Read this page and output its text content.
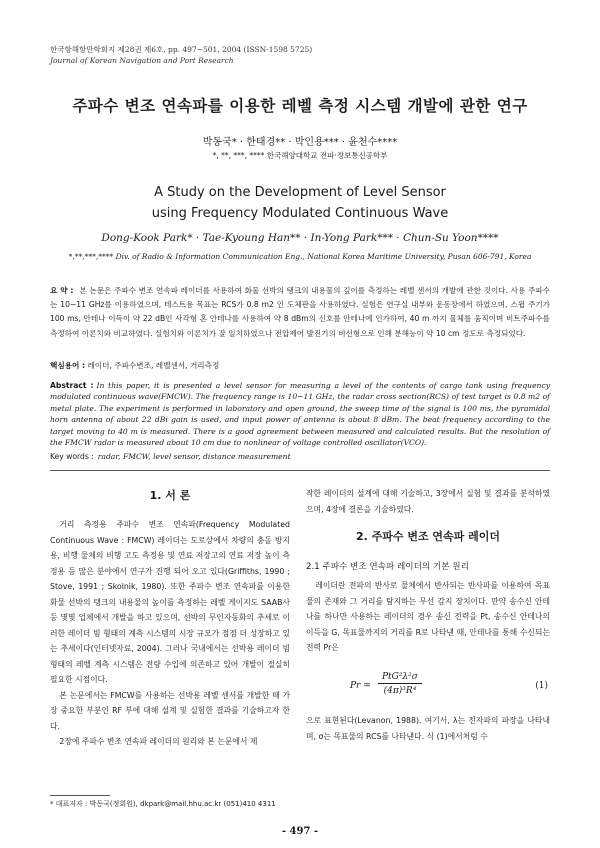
한국항해항만학회지 제28권 제6호, pp. 497~501, 2004 (ISSN-1598 5725)
Journal of Korean Navigation and Port Research
주파수 변조 연속파를 이용한 레벨 측정 시스템 개발에 관한 연구
박동국* · 한태경** · 박인용*** · 윤천수****
*, **, ***, **** 한국해양대학교 전파·정보통신공학부
A Study on the Development of Level Sensor
using Frequency Modulated Continuous Wave
Dong-Kook Park* · Tae-Kyoung Han** · In-Yong Park*** · Chun-Su Yoon****
*,**,***,**** Div. of Radio & Information Communication Eng., National Korea Maritime University, Pusan 606-791, Korea
요 약 : 본 논문은 주파수 변조 연속파 레이더를 사용하여 화물 선박의 탱크의 내용물의 깊이를 측정하는 레벨 센서의 개발에 관한 것이다. 사용 주파수는 10~11 GHz를 이용하였으며, 테스트용 목표는 RCS가 0.8 m2 인 도체판을 사용하였다. 실험은 연구실 내부와 운동장에서 하였으며, 스윕 주기가 100 ms, 안테나 이득이 약 22 dB인 사각형 혼 안테나를 사용하여 약 8 dBm의 신호를 안테나에 인가하여, 40 m 까지 물체를 움직이며 비트주파수를 측정하여 이론치와 비교하였다. 실험치와 이론치가 잘 일치하였으나 전압제어 발진기의 비선형으로 인해 분해능이 약 10 cm 정도로 측정되었다.
핵심용어 : 레이더, 주파수변조, 레벨센서, 거리측정
Abstract : In this paper, it is presented a level sensor for measuring a level of the contents of cargo tank using frequency modulated continuous wave(FMCW). The frequency range is 10~11 GHz, the radar cross section(RCS) of test target is 0.8 m2 of metal plate. The experiment is performed in laboratory and open ground, the sweep time of the signal is 100 ms, the pyramidal horn antenna of about 22 dBi gain is used, and input power of antenna is about 8 dBm. The beat frequency according to the target moving to 40 m is measured. There is a good agreement between measured and calculated results. But the resolution of the FMCW radar is measured about 10 cm due to nonlinear of voltage controlled oscillator(VCO).
Key words : radar, FMCW, level sensor, distance measurement
1. 서 론
거리 측정용 주파수 변조 연속파(Frequency Modulated Continuous Wave : FMCW) 레이더는 도로상에서 차량의 충돌 방지용, 비행 물체의 비행 고도 측정용 및 연료 저장고의 연료 저장 높이 측정용 등 많은 분야에서 연구가 진행 되어 오고 있다(Griffiths, 1990 ; Stove, 1991 ; Skolnik, 1980). 또한 주파수 변조 연속파를 이용한 화물 선박의 탱크의 내용물의 높이를 측정하는 레벨 게이지도 SAAB사 등 몇몇 업체에서 개발을 하고 있으며, 선박의 무인자동화의 추세로 이러한 레이더 빔 형태의 계측 시스템의 시장 규모가 점점 더 성장하고 있는 추세이다(인터넷자료, 2004). 그러나 국내에서는 선박용 레이더 빔 형태의 레벨 계측 시스템은 전량 수입에 의존하고 있어 개발이 절실히 필요한 시점이다.
본 논문에서는 FMCW를 사용하는 선박용 레벨 센서를 개발한 때 가장 중요한 부분인 RF 부에 대해 설계 및 실험한 결과를 기술하고자 한다.
2장에 주파수 변조 연속파 레이더의 원리와 본 논문에서 제
작한 레이더의 설계에 대해 기술하고, 3장에서 실험 및 결과를 분석하였으며, 4장에 결론을 기술하였다.
2. 주파수 변조 연속파 레이더
2.1 주파수 변조 연속파 레이더의 기본 원리
레이더란 전파의 반사로 물체에서 반사되는 반사파를 이용하여 목표물의 존재와 그 거리를 탐지하는 무선 감지 장치이다. 만약 송수신 안테나를 하나만 사용하는 레이더의 경우 송신 전력을 Pt, 송수신 안테나의 이득을 G, 목표물까지의 거리를 R로 나타낸 때, 안테나를 통해 수신되는 전력 Pr은
Pr =
PtG²λ²σ
(4π)³R⁴	(1)
으로 표현된다(Levanon, 1988). 여기서, λ는 전자파의 파장을 나타내며, σ는 목표물의 RCS를 나타낸다. 식 (1)에서처럼 수
* 대표저자 : 박동국(정회원), dkpark@mail.hhu.ac.kr (051)410 4311
- 497 -
